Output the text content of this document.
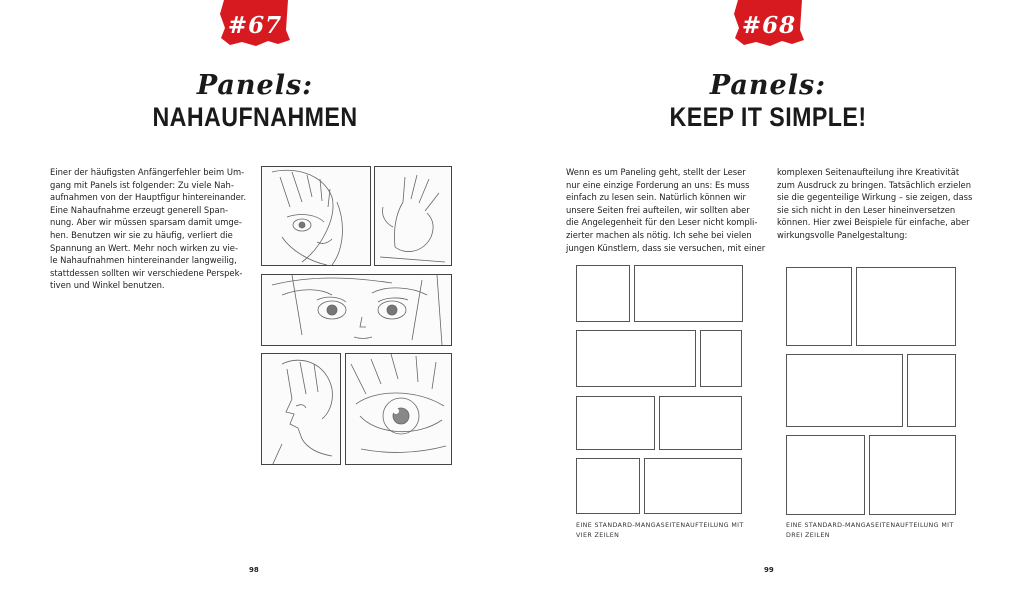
#67
Panels:
NAHAUFNAHMEN
Einer der häufigsten Anfängerfehler beim Um-
gang mit Panels ist folgender: Zu viele Nah-
aufnahmen von der Hauptfigur hintereinander.
Eine Nahaufnahme erzeugt generell Span-
nung. Aber wir müssen sparsam damit umge-
hen. Benutzen wir sie zu häufig, verliert die
Spannung an Wert. Mehr noch wirken zu vie-
le Nahaufnahmen hintereinander langweilig,
stattdessen sollten wir verschiedene Perspek-
tiven und Winkel benutzen.
98
#68
Panels:
KEEP IT SIMPLE!
Wenn es um Paneling geht, stellt der Leser
nur eine einzige Forderung an uns: Es muss
einfach zu lesen sein. Natürlich können wir
unsere Seiten frei aufteilen, wir sollten aber
die Angelegenheit für den Leser nicht kompli-
zierter machen als nötig. Ich sehe bei vielen
jungen Künstlern, dass sie versuchen, mit einer
komplexen Seitenaufteilung ihre Kreativität
zum Ausdruck zu bringen. Tatsächlich erzielen
sie die gegenteilige Wirkung – sie zeigen, dass
sie sich nicht in den Leser hineinversetzen
können. Hier zwei Beispiele für einfache, aber
wirkungsvolle Panelgestaltung:
EINE STANDARD-MANGASEITENAUFTEILUNG MIT
VIER ZEILEN
EINE STANDARD-MANGASEITENAUFTEILUNG MIT
DREI ZEILEN
99
